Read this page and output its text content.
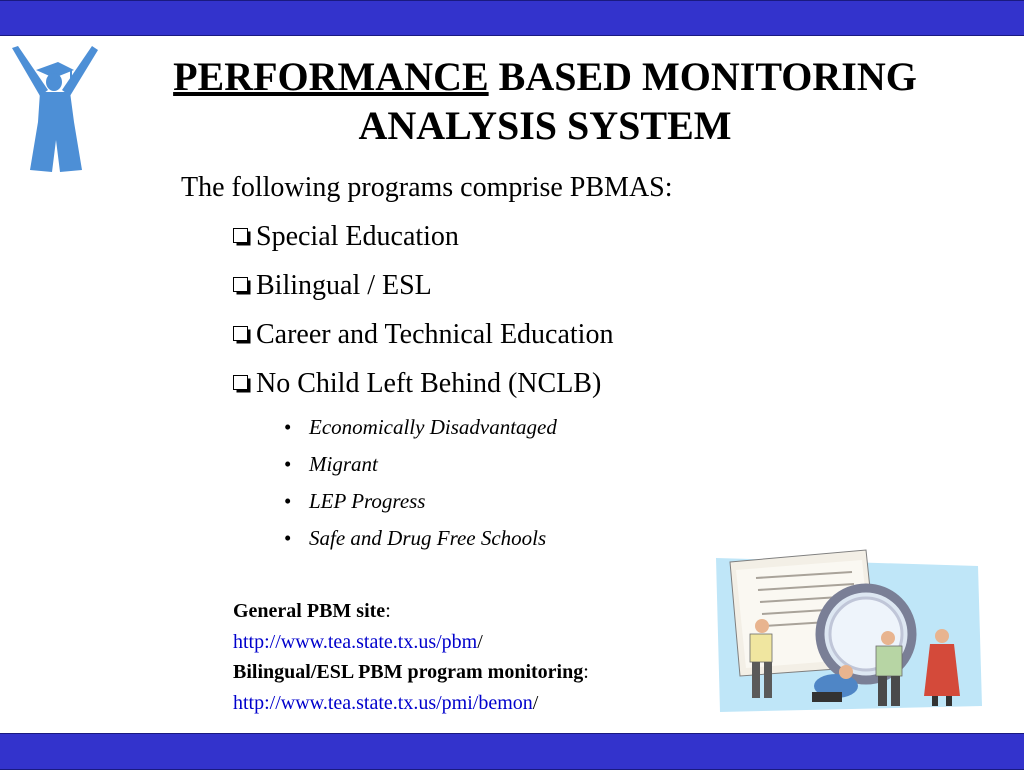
PERFORMANCE BASED MONITORING
ANALYSIS SYSTEM
The following programs comprise PBMAS:
Special Education
Bilingual / ESL
Career and Technical Education
No Child Left Behind (NCLB)
• Economically Disadvantaged
• Migrant
• LEP Progress
• Safe and Drug Free Schools
General PBM site:
http://www.tea.state.tx.us/pbm/
Bilingual/ESL PBM program monitoring:
http://www.tea.state.tx.us/pmi/bemon/
